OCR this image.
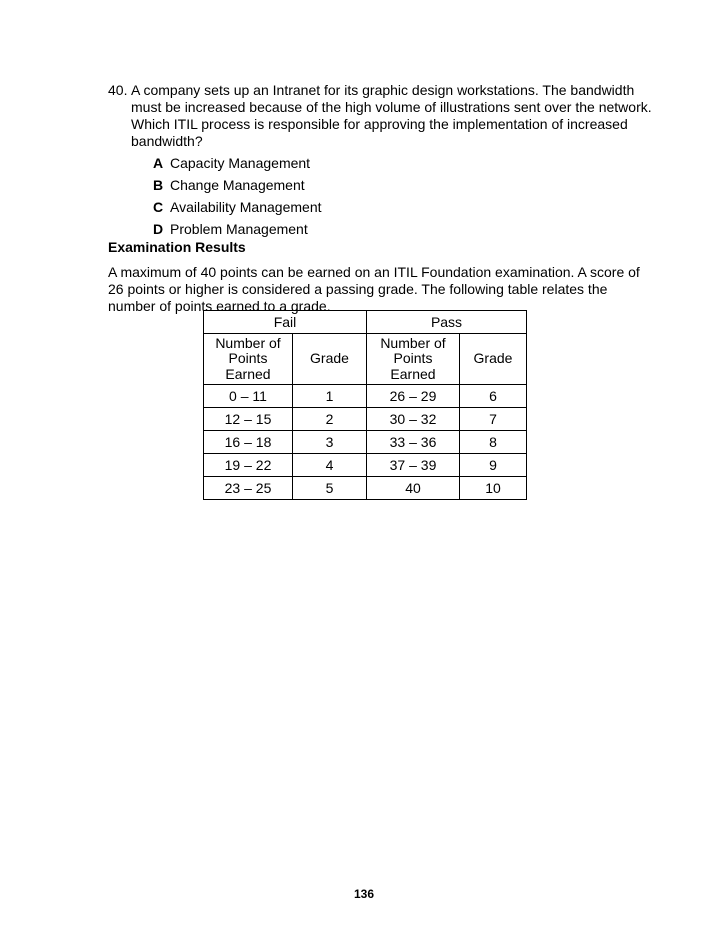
40. A company sets up an Intranet for its graphic design workstations. The bandwidth
must be increased because of the high volume of illustrations sent over the network.
Which ITIL process is responsible for approving the implementation of increased
bandwidth?
A Capacity Management
B Change Management
C Availability Management
D Problem Management
Examination Results
A maximum of 40 points can be earned on an ITIL Foundation examination. A score of
26 points or higher is considered a passing grade. The following table relates the
number of points earned to a grade.
Fail		Pass	

Number of
Points
Earned	Grade	Number of
Points
Earned	Grade
0 – 11	1	26 – 29	6
12 – 15	2	30 – 32	7
16 – 18	3	33 – 36	8
19 – 22	4	37 – 39	9
23 – 25	5	40	10
136
